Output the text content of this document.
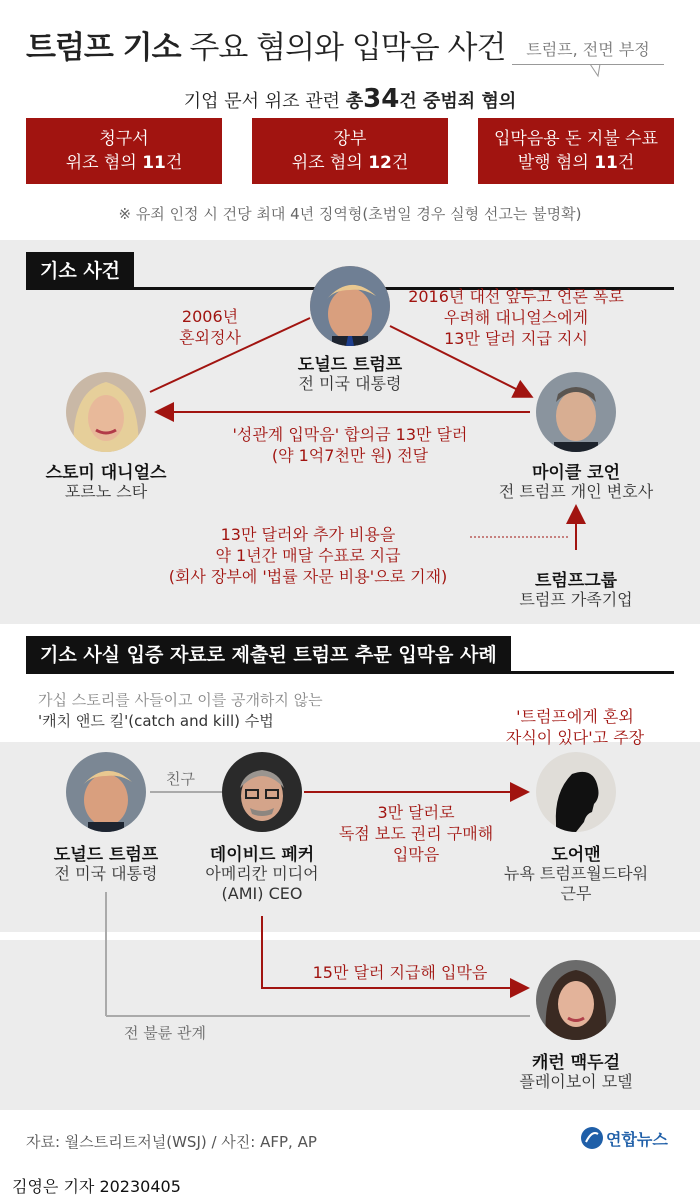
트럼프 기소 주요 혐의와 입막음 사건	트럼프, 전면 부정
기업 문서 위조 관련 총34건 중범죄 혐의
청구서
위조 혐의 11건
장부
위조 혐의 12건
입막음용 돈 지불 수표
발행 혐의 11건
※ 유죄 인정 시 건당 최대 4년 징역형(초범일 경우 실형 선고는 불명확)
기소 사건
도널드 트럼프
전 미국 대통령
스토미 대니얼스
포르노 스타
마이클 코언
전 트럼프 개인 변호사
트럼프그룹
트럼프 가족기업
2006년
혼외정사
2016년 대선 앞두고 언론 폭로
우려해 대니얼스에게
13만 달러 지급 지시
'성관계 입막음' 합의금 13만 달러
(약 1억7천만 원) 전달
13만 달러와 추가 비용을
약 1년간 매달 수표로 지급
(회사 장부에 '법률 자문 비용'으로 기재)
기소 사실 입증 자료로 제출된 트럼프 추문 입막음 사례
가십 스토리를 사들이고 이를 공개하지 않는
'캐치 앤드 킬'(catch and kill) 수법
도널드 트럼프
전 미국 대통령
데이비드 페커
아메리칸 미디어
(AMI) CEO
도어맨
뉴욕 트럼프월드타워
근무
캐런 맥두걸
플레이보이 모델
친구
'트럼프에게 혼외
자식이 있다'고 주장
3만 달러로
독점 보도 권리 구매해
입막음
15만 달러 지급해 입막음
전 불륜 관계
자료: 월스트리트저널(WSJ) / 사진: AFP, AP	연합뉴스
김영은 기자 20230405
